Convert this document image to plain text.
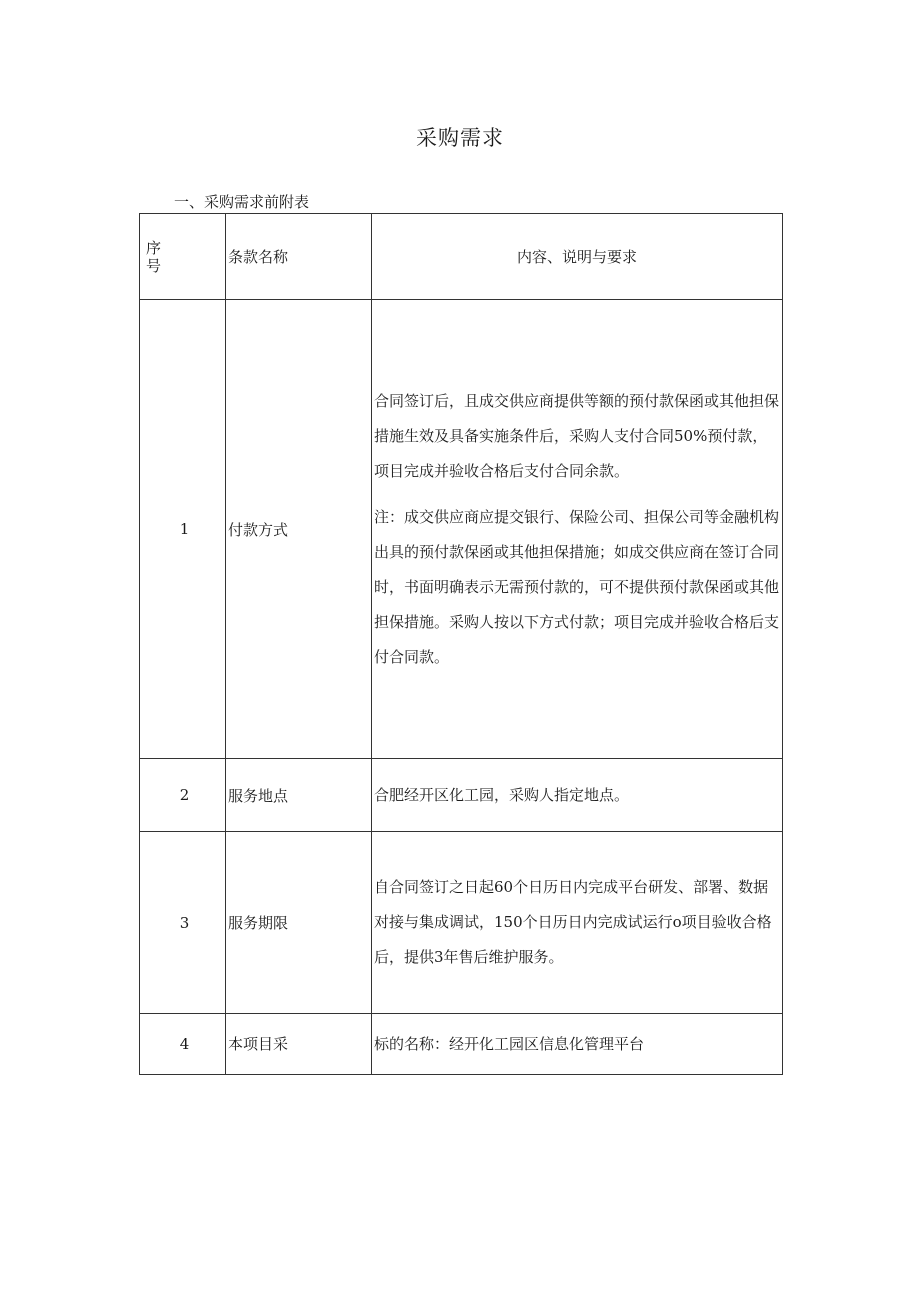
采购需求
一、采购需求前附表
序号	条款名称	内容、说明与要求
1	付款方式	合同签订后，且成交供应商提供等额的预付款保函或其他担保措施生效及具备实施条件后，采购人支付合同50%预付款，项目完成并验收合格后支付合同余款。

注：成交供应商应提交银行、保险公司、担保公司等金融机构出具的预付款保函或其他担保措施；如成交供应商在签订合同时，书面明确表示无需预付款的，可不提供预付款保函或其他担保措施。采购人按以下方式付款；项目完成并验收合格后支付合同款。

2	服务地点	合肥经开区化工园，采购人指定地点。

3	服务期限	自合同签订之日起60个日历日内完成平台研发、部署、数据对接与集成调试，150个日历日内完成试运行o项目验收合格后，提供3年售后维护服务。

4	本项目采	标的名称：经开化工园区信息化管理平台
